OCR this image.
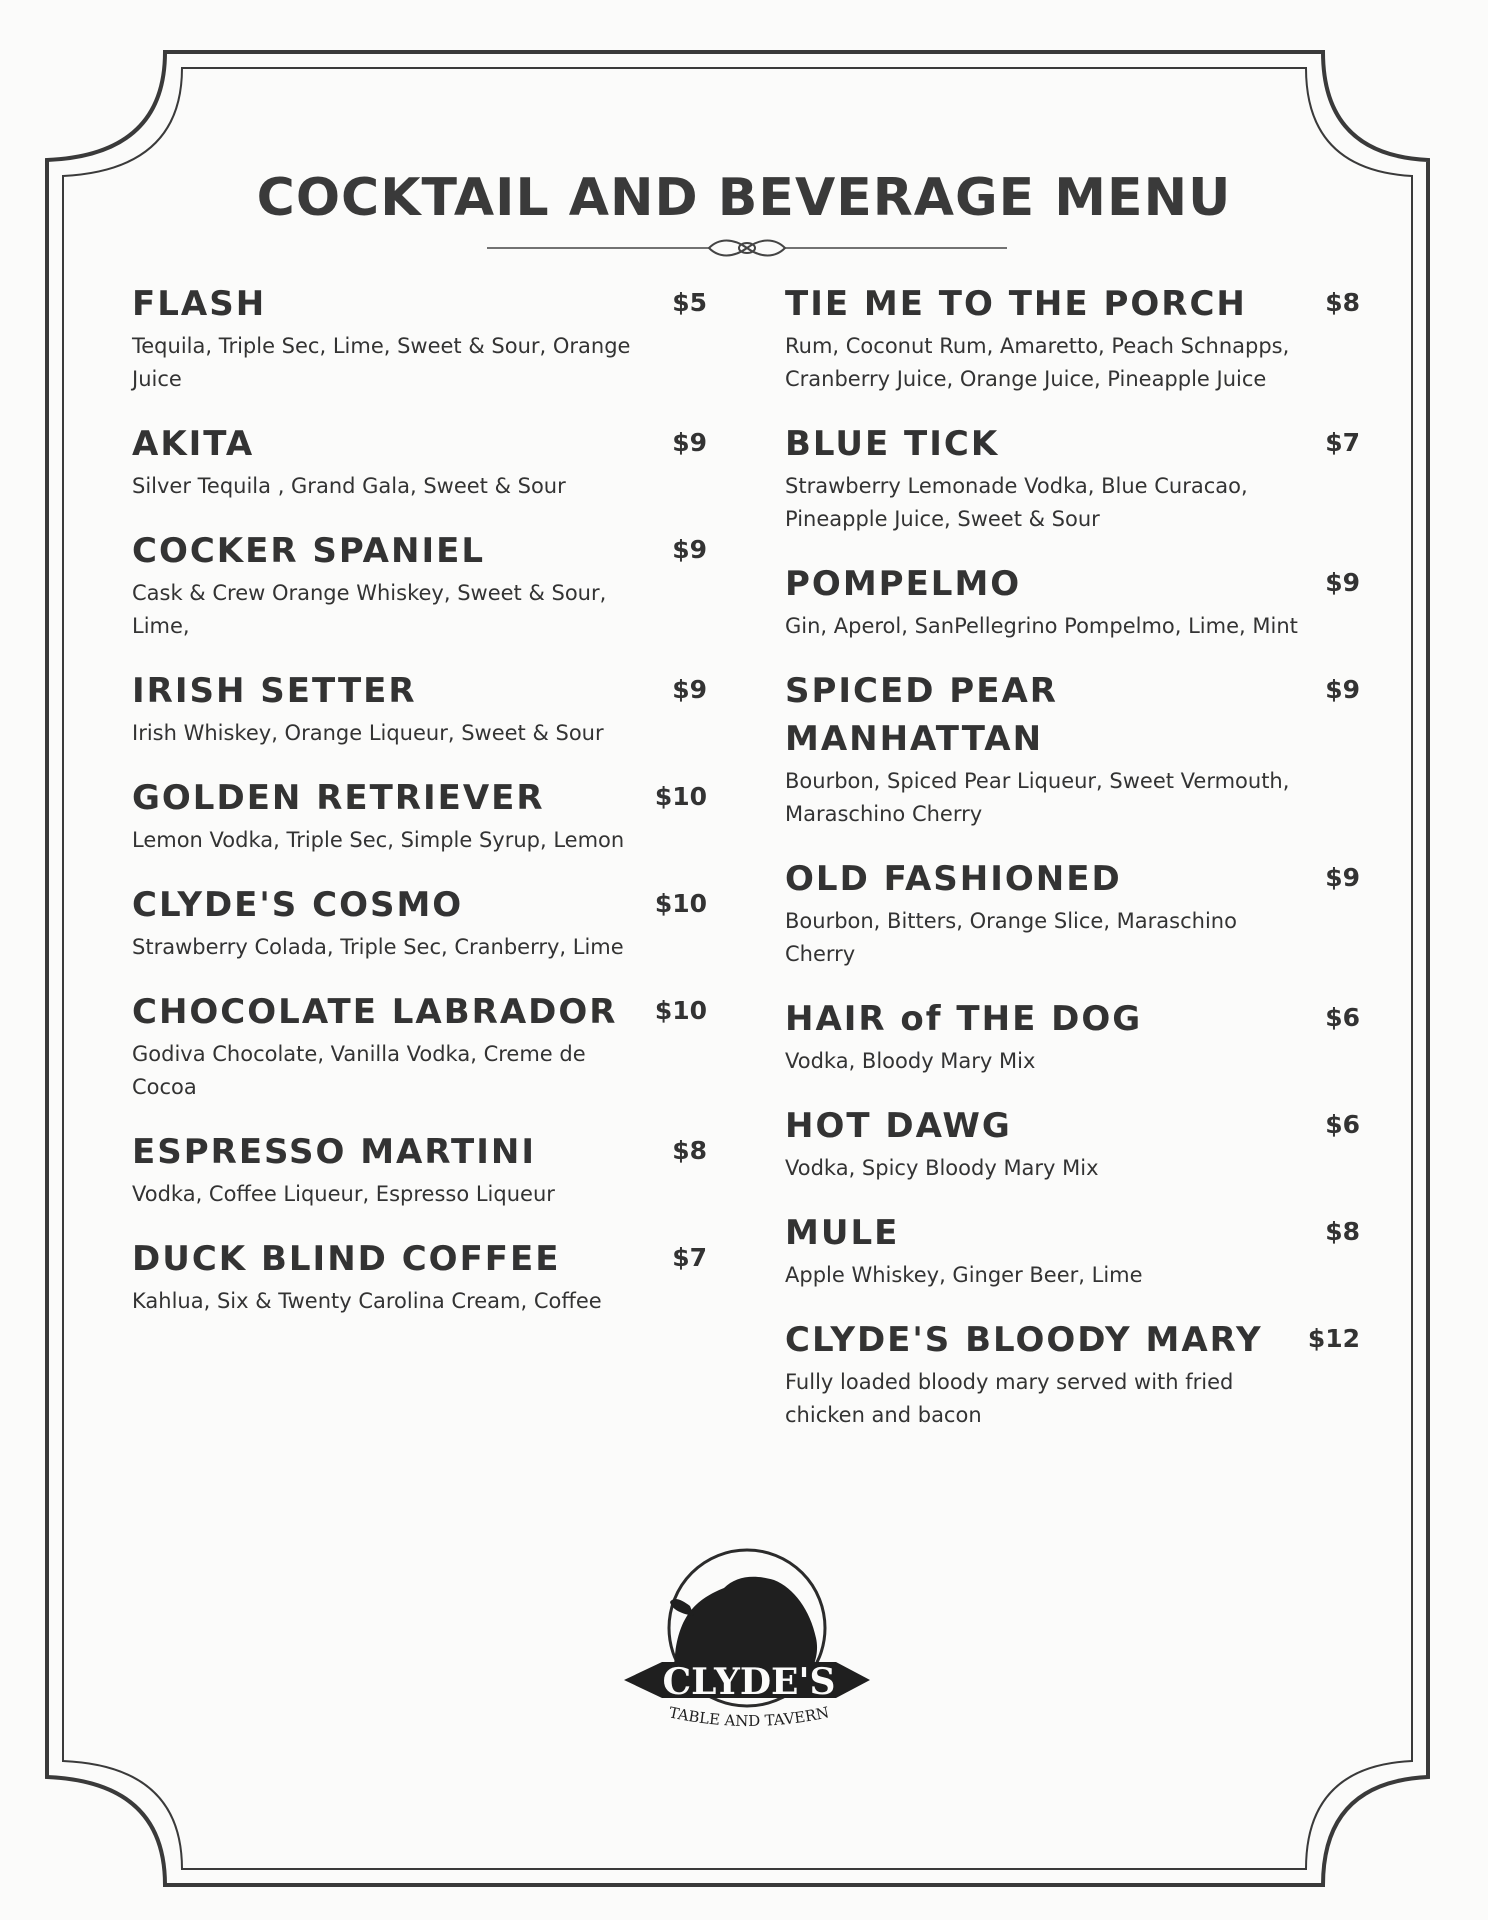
COCKTAIL AND BEVERAGE MENU
FLASH	$5
Tequila, Triple Sec, Lime, Sweet & Sour, Orange Juice
AKITA	$9
Silver Tequila , Grand Gala, Sweet & Sour
COCKER SPANIEL	$9
Cask & Crew Orange Whiskey, Sweet & Sour, Lime,
IRISH SETTER	$9
Irish Whiskey, Orange Liqueur, Sweet & Sour
GOLDEN RETRIEVER	$10
Lemon Vodka, Triple Sec, Simple Syrup, Lemon
CLYDE'S COSMO	$10
Strawberry Colada, Triple Sec, Cranberry, Lime
CHOCOLATE LABRADOR	$10
Godiva Chocolate, Vanilla Vodka, Creme de Cocoa
ESPRESSO MARTINI	$8
Vodka, Coffee Liqueur, Espresso Liqueur
DUCK BLIND COFFEE	$7
Kahlua, Six & Twenty Carolina Cream, Coffee
TIE ME TO THE PORCH	$8
Rum, Coconut Rum, Amaretto, Peach Schnapps, Cranberry Juice, Orange Juice, Pineapple Juice
BLUE TICK	$7
Strawberry Lemonade Vodka, Blue Curacao, Pineapple Juice, Sweet & Sour
POMPELMO	$9
Gin, Aperol, SanPellegrino Pompelmo, Lime, Mint
SPICED PEAR MANHATTAN
$9
Bourbon, Spiced Pear Liqueur, Sweet Vermouth, Maraschino Cherry
OLD FASHIONED	$9
Bourbon, Bitters, Orange Slice, Maraschino Cherry
HAIR of THE DOG	$6
Vodka, Bloody Mary Mix
HOT DAWG	$6
Vodka, Spicy Bloody Mary Mix
MULE	$8
Apple Whiskey, Ginger Beer, Lime
CLYDE'S BLOODY MARY	$12
Fully loaded bloody mary served with fried chicken and bacon
CLYDE'S
TABLE AND TAVERN
